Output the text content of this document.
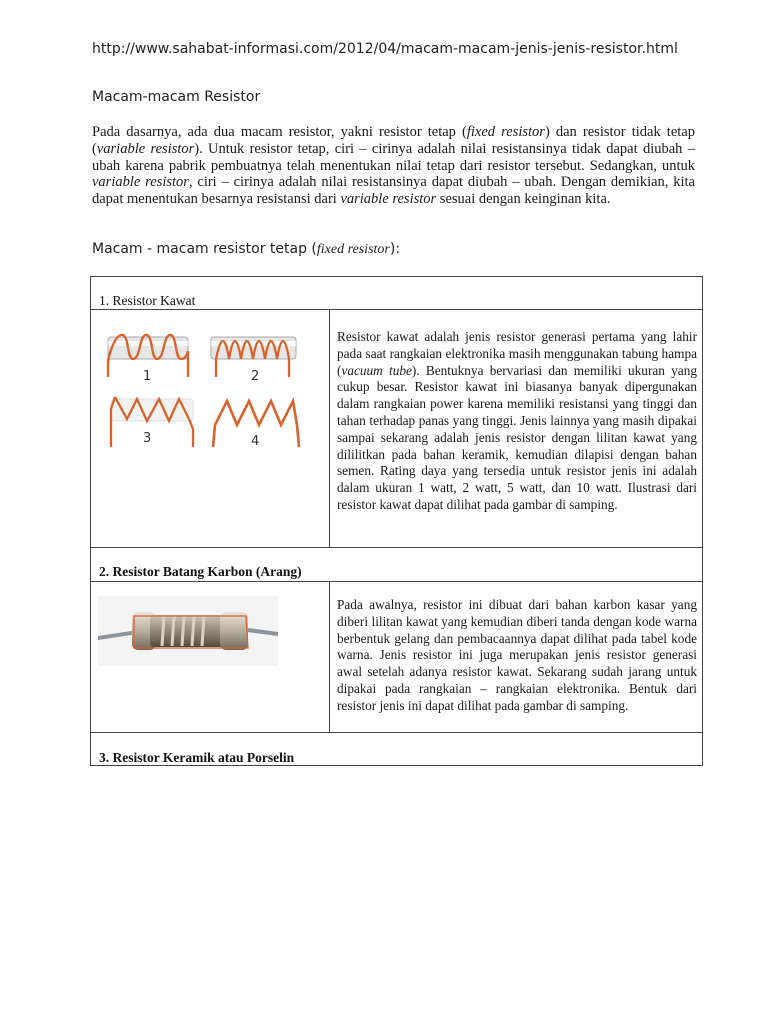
http://www.sahabat-informasi.com/2012/04/macam-macam-jenis-jenis-resistor.html
Macam-macam Resistor
Pada dasarnya, ada dua macam resistor, yakni resistor tetap (fixed resistor) dan resistor tidak tetap (variable resistor). Untuk resistor tetap, ciri – cirinya adalah nilai resistansinya tidak dapat diubah – ubah karena pabrik pembuatnya telah menentukan nilai tetap dari resistor tersebut. Sedangkan, untuk variable resistor, ciri – cirinya adalah nilai resistansinya dapat diubah – ubah. Dengan demikian, kita dapat menentukan besarnya resistansi dari variable resistor sesuai dengan keinginan kita.
Macam - macam resistor tetap (fixed resistor):
1. Resistor Kawat
1	2
3	4
Resistor kawat adalah jenis resistor generasi pertama yang lahir pada saat rangkaian elektronika masih menggunakan tabung hampa (vacuum tube). Bentuknya bervariasi dan memiliki ukuran yang cukup besar. Resistor kawat ini biasanya banyak dipergunakan dalam rangkaian power karena memiliki resistansi yang tinggi dan tahan terhadap panas yang tinggi. Jenis lainnya yang masih dipakai sampai sekarang adalah jenis resistor dengan lilitan kawat yang dililitkan pada bahan keramik, kemudian dilapisi dengan bahan semen. Rating daya yang tersedia untuk resistor jenis ini adalah dalam ukuran 1 watt, 2 watt, 5 watt, dan 10 watt. Ilustrasi dari resistor kawat dapat dilihat pada gambar di samping.
2. Resistor Batang Karbon (Arang)
Pada awalnya, resistor ini dibuat dari bahan karbon kasar yang diberi lilitan kawat yang kemudian diberi tanda dengan kode warna berbentuk gelang dan pembacaannya dapat dilihat pada tabel kode warna. Jenis resistor ini juga merupakan jenis resistor generasi awal setelah adanya resistor kawat. Sekarang sudah jarang untuk dipakai pada rangkaian – rangkaian elektronika. Bentuk dari resistor jenis ini dapat dilihat pada gambar di samping.
3. Resistor Keramik atau Porselin
